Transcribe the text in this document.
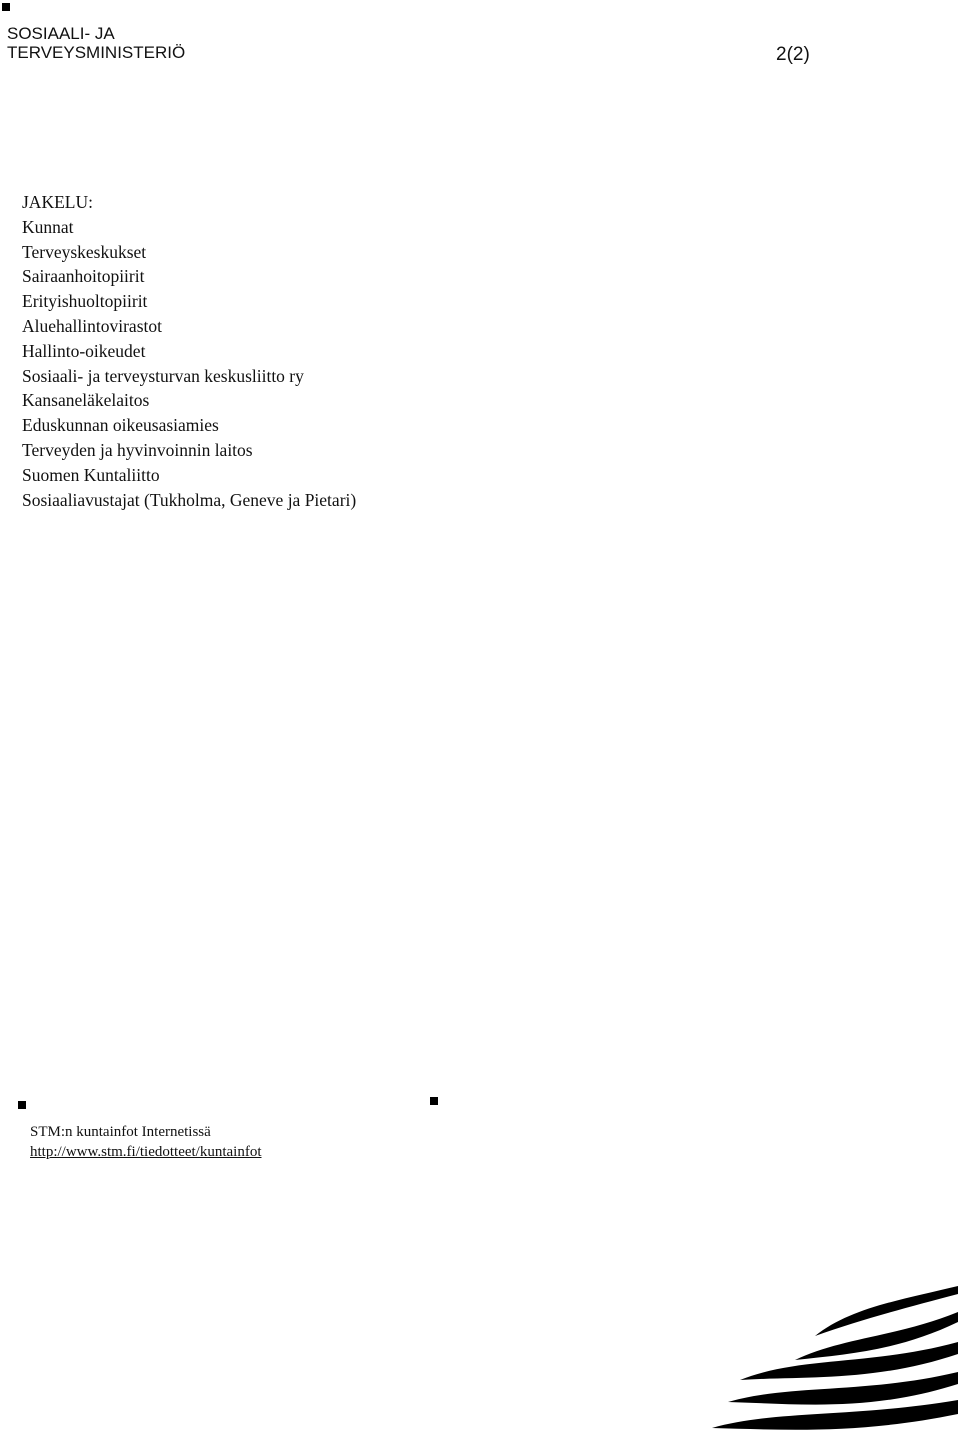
SOSIAALI- JA
TERVEYSMINISTERIÖ	2(2)
JAKELU:
Kunnat
Terveyskeskukset
Sairaanhoitopiirit
Erityishuoltopiirit
Aluehallintovirastot
Hallinto-oikeudet
Sosiaali- ja terveysturvan keskusliitto ry
Kansaneläkelaitos
Eduskunnan oikeusasiamies
Terveyden ja hyvinvoinnin laitos
Suomen Kuntaliitto
Sosiaaliavustajat (Tukholma, Geneve ja Pietari)
STM:n kuntainfot Internetissä
http://www.stm.fi/tiedotteet/kuntainfot
